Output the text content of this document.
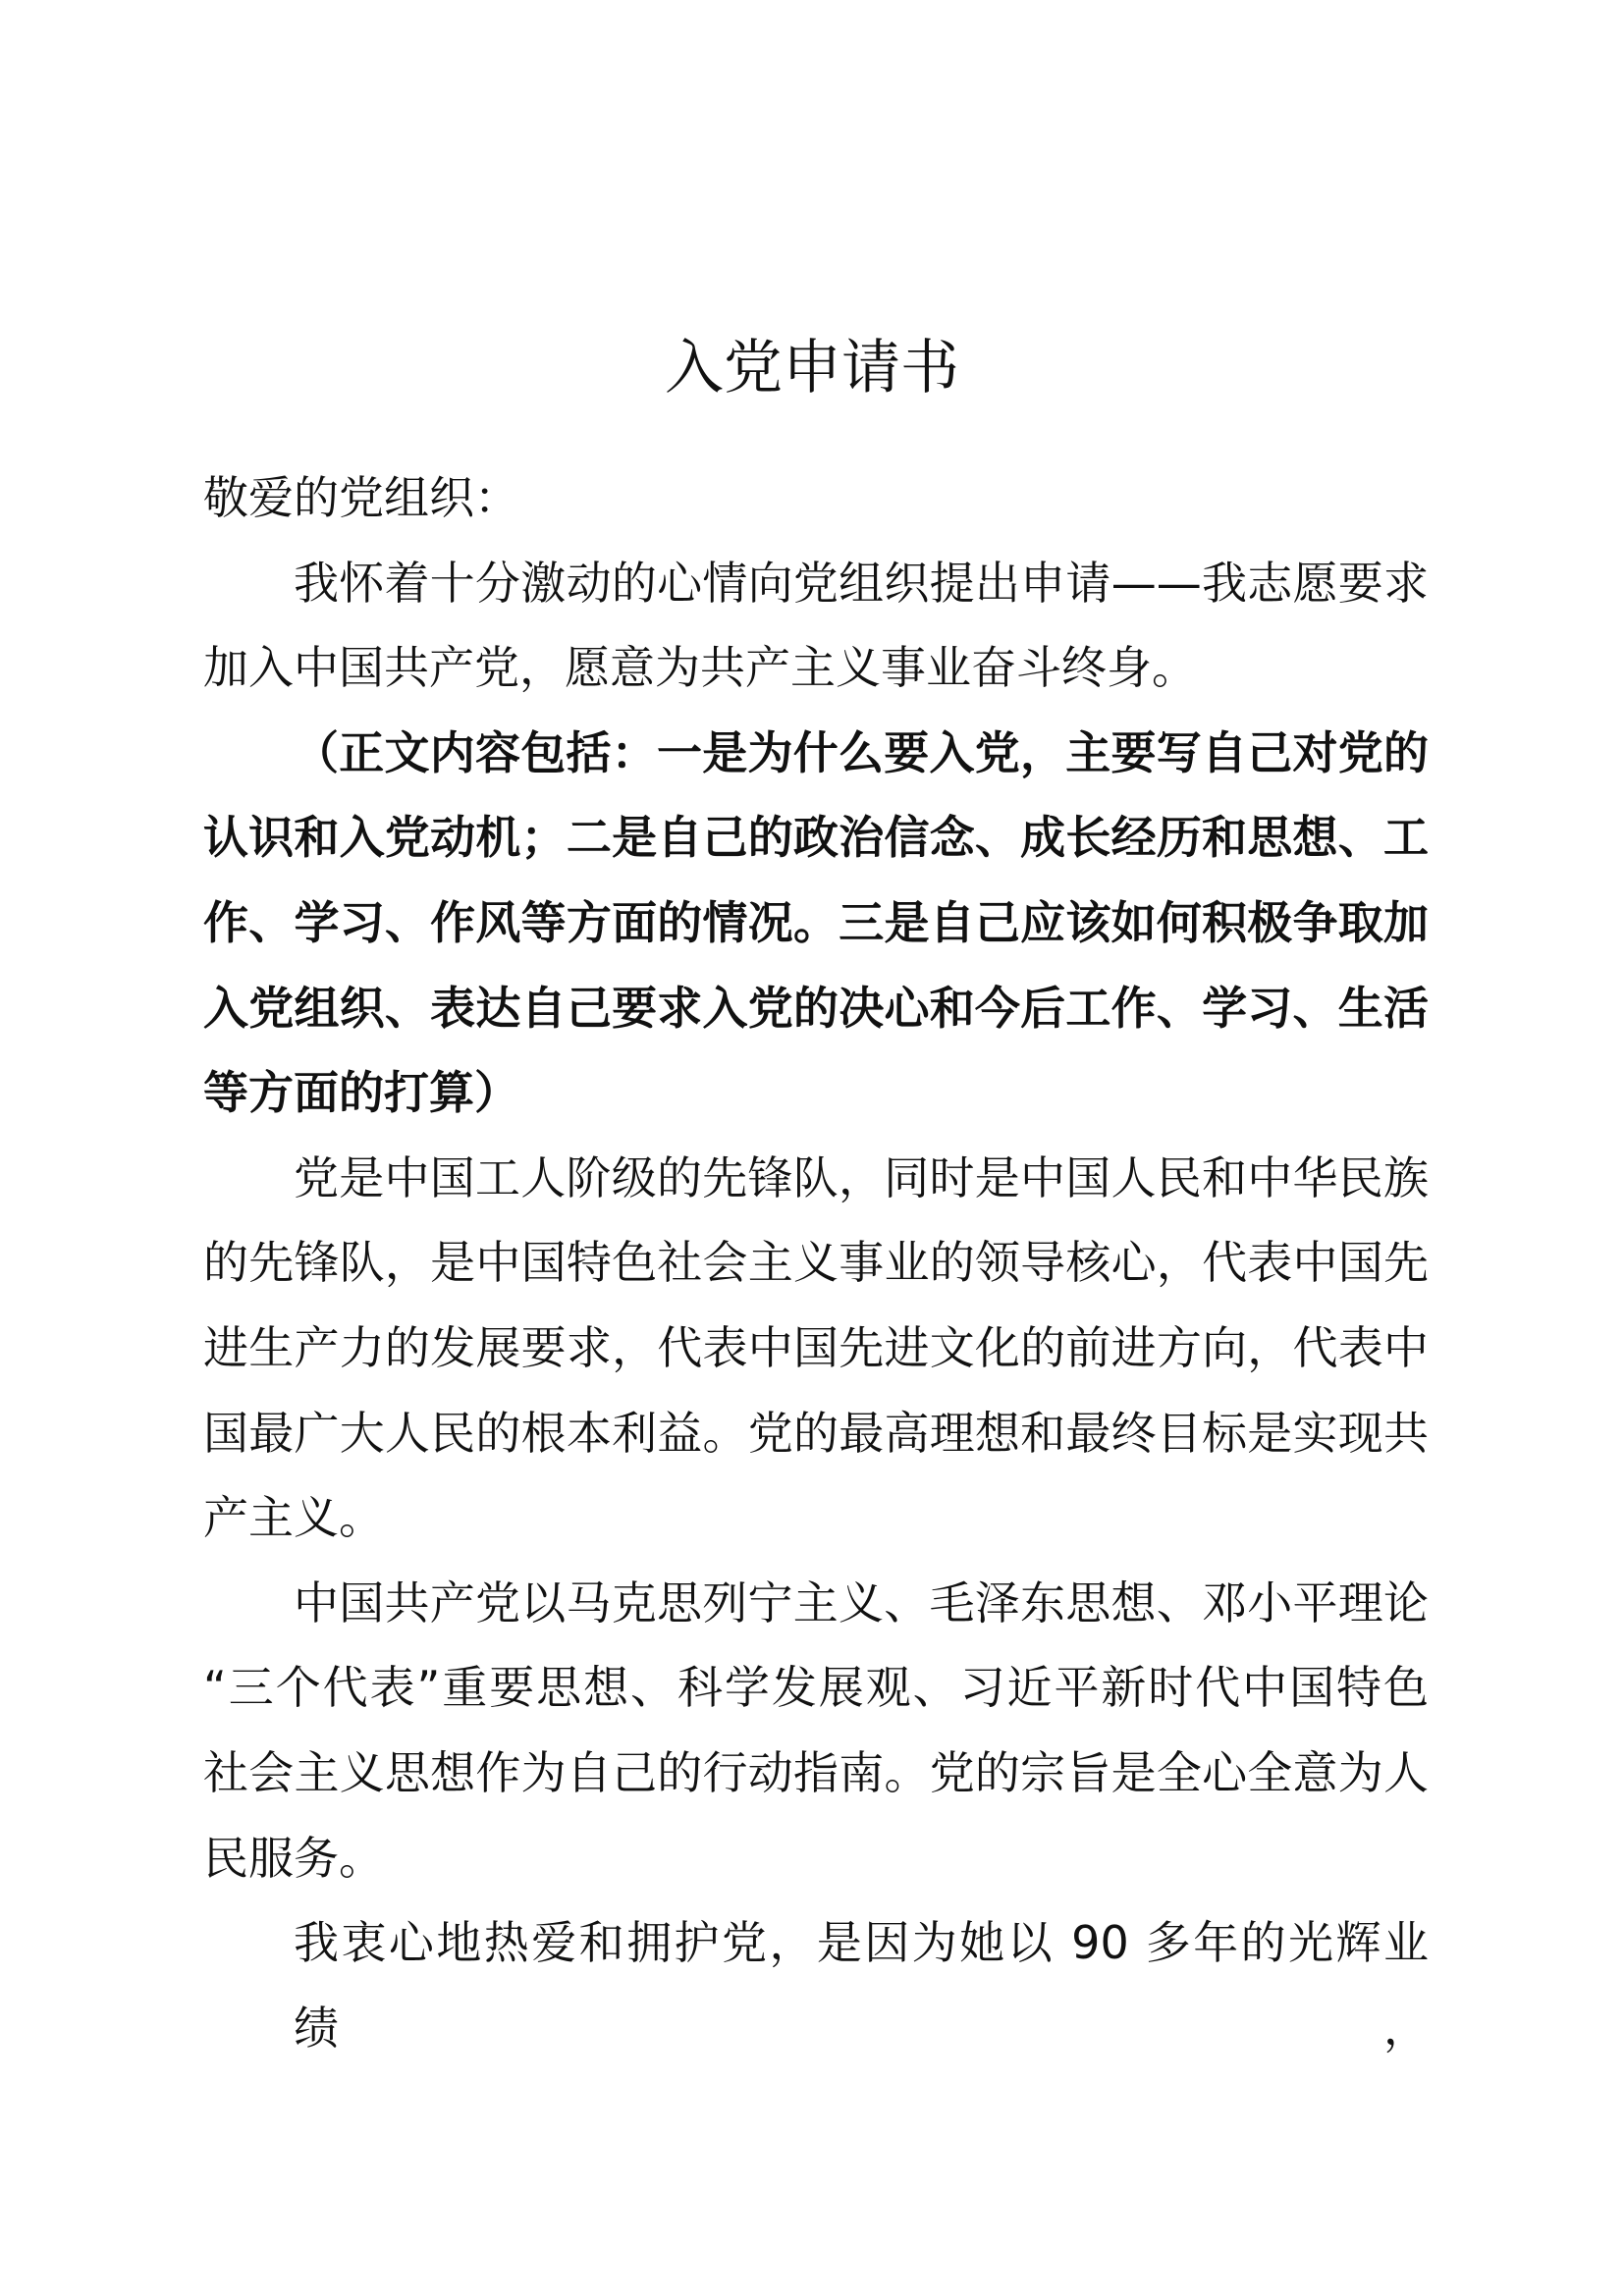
入党申请书
敬爱的党组织：
我怀着十分激动的心情向党组织提出申请——我志愿要求
加入中国共产党，愿意为共产主义事业奋斗终身。
（正文内容包括：一是为什么要入党，主要写自己对党的
认识和入党动机；二是自己的政治信念、成长经历和思想、工
作、学习、作风等方面的情况。三是自己应该如何积极争取加
入党组织、表达自己要求入党的决心和今后工作、学习、生活
等方面的打算）
党是中国工人阶级的先锋队，同时是中国人民和中华民族
的先锋队，是中国特色社会主义事业的领导核心，代表中国先
进生产力的发展要求，代表中国先进文化的前进方向，代表中
国最广大人民的根本利益。党的最高理想和最终目标是实现共
产主义。
中国共产党以马克思列宁主义、毛泽东思想、邓小平理论
“三个代表”重要思想、科学发展观、习近平新时代中国特色
社会主义思想作为自己的行动指南。党的宗旨是全心全意为人
民服务。
我衷心地热爱和拥护党，是因为她以 90 多年的光辉业绩，
